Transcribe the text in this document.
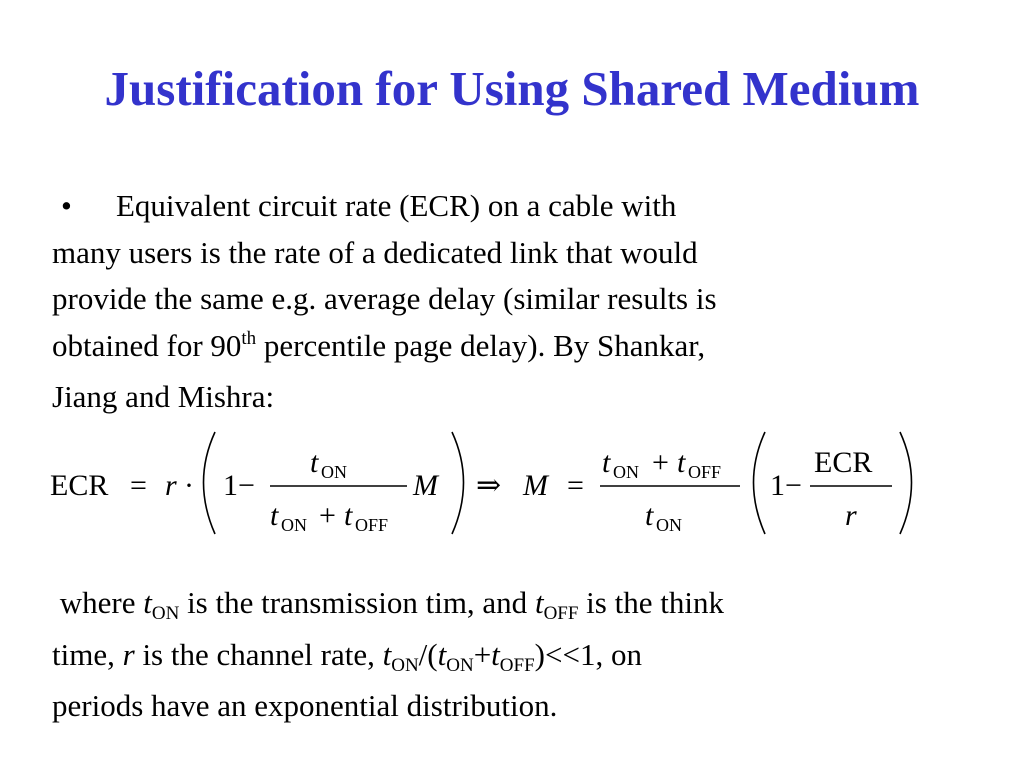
Justification for Using Shared Medium
• Equivalent circuit rate (ECR) on a cable with
many users is the rate of a dedicated link that would
provide the same e.g. average delay (similar results is
obtained for 90th percentile page delay). By Shankar,
Jiang and Mishra:
ECR = r · 1 −
t ON
t ON + t OFF
M ⇒ M =
t ON + t OFF
t ON
1 −
ECR
r
where $t_{ON}$ is the transmission tim, and $t_{OFF}$ is the think
time, r is the channel rate, $t_{ON}/(t_{ON}+t_{OFF})<<1$, on
periods have an exponential distribution.
